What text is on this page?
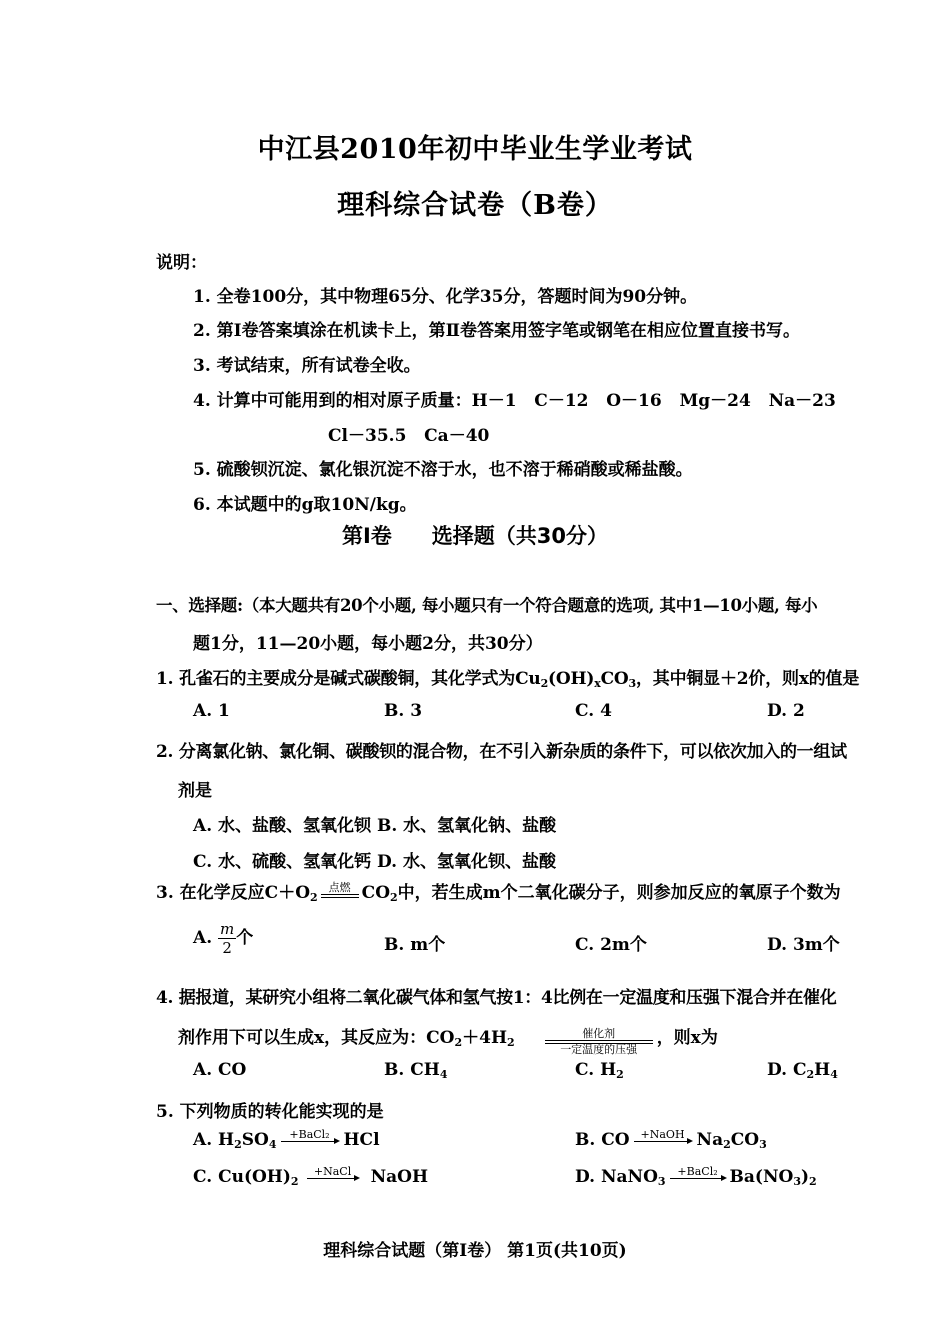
中江县2010年初中毕业生学业考试
理科综合试卷（B卷）
说明：
1. 全卷100分，其中物理65分、化学35分，答题时间为90分钟。
2. 第Ⅰ卷答案填涂在机读卡上，第Ⅱ卷答案用签字笔或钢笔在相应位置直接书写。
3. 考试结束，所有试卷全收。
4. 计算中可能用到的相对原子质量：H－1   C－12   O－16   Mg－24   Na－23
Cl－35.5   Ca－40
5. 硫酸钡沉淀、氯化银沉淀不溶于水，也不溶于稀硝酸或稀盐酸。
6. 本试题中的g取10N/kg。
第Ⅰ卷 选择题（共30分）
一、选择题:（本大题共有20个小题, 每小题只有一个符合题意的选项, 其中1—10小题, 每小
题1分，11—20小题，每小题2分，共30分）
1. 孔雀石的主要成分是碱式碳酸铜，其化学式为$Cu_2(OH)_xCO_3$，其中铜显＋2价，则x的值是
A. 1	B. 3	C. 4	D. 2
2. 分离氯化钠、氯化铜、碳酸钡的混合物，在不引入新杂质的条件下，可以依次加入的一组试
剂是
A. 水、盐酸、氢氧化钡 B. 水、氢氧化钠、盐酸
C. 水、硫酸、氢氧化钙 D. 水、氢氧化钡、盐酸
3. 在化学反应$C+O_2$
点燃 $CO_2$中，若生成m个二氧化碳分子，则参加反应的氧原子个数为
A. $\frac{m}{2}$ 个	B. m个	C. 2m个	D. 3m个
4. 据报道，某研究小组将二氧化碳气体和氢气按1：4比例在一定温度和压强下混合并在催化
剂作用下可以生成x，其反应为：$CO_2+4H_2$
催化剂
一定温度的压强
，则x为
A. CO	B. $CH_4$	C. $H_2$	D. $C_2H_4$
5. 下列物质的转化能实现的是
A. $H_2SO_4$
+BaCl₂ HCl	B. CO +NaOH $Na_2CO_3$
C. $Cu(OH)_2$
+NaCl	NaOH	D. NaNO$_3$
+BaCl₂ $Ba(NO_3)_2$
理科综合试题（第Ⅰ卷） 第1页(共10页)
